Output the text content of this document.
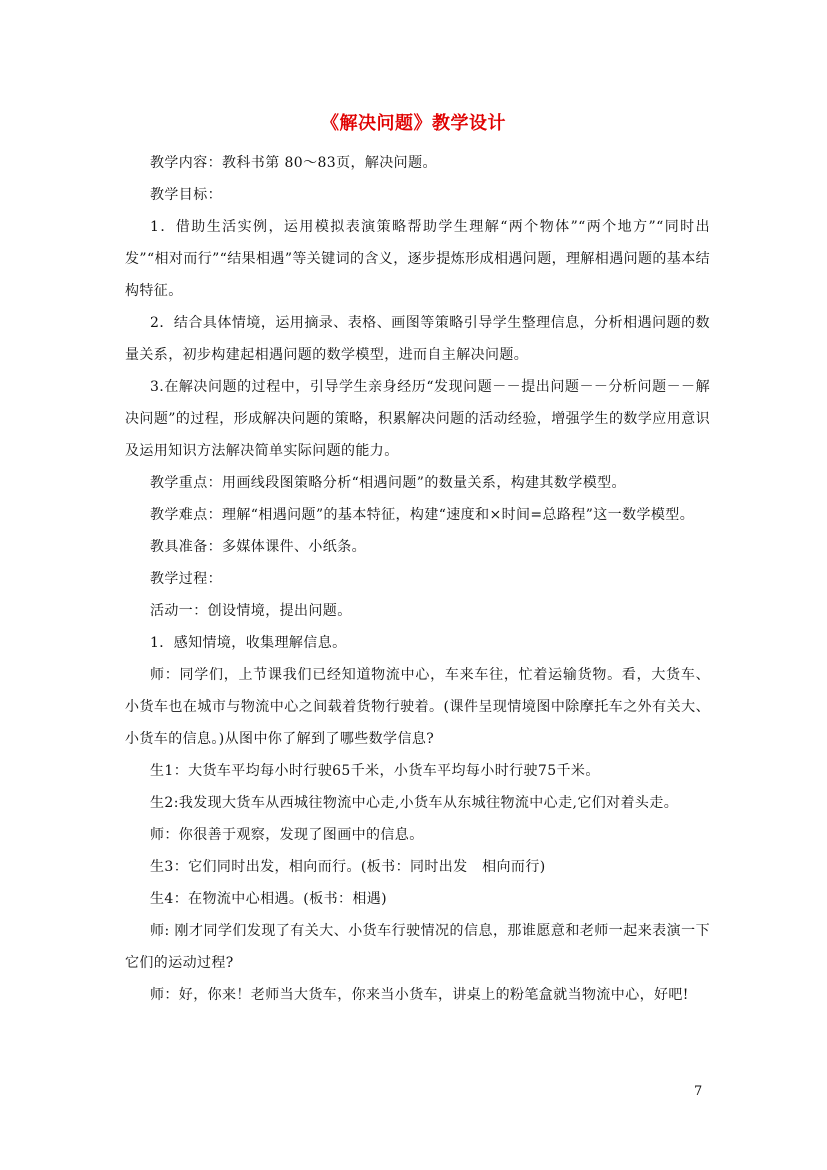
《解决问题》教学设计

教学内容：教科书第 80～83页，解决问题。

教学目标：

1．借助生活实例，运用模拟表演策略帮助学生理解“两个物体”“两个地方”“同时出发”“相对而行”“结果相遇”等关键词的含义，逐步提炼形成相遇问题，理解相遇问题的基本结构特征。

2．结合具体情境，运用摘录、表格、画图等策略引导学生整理信息，分析相遇问题的数量关系，初步构建起相遇问题的数学模型，进而自主解决问题。

3.在解决问题的过程中，引导学生亲身经历“发现问题－－提出问题－－分析问题－－解决问题”的过程，形成解决问题的策略，积累解决问题的活动经验，增强学生的数学应用意识及运用知识方法解决简单实际问题的能力。

教学重点：用画线段图策略分析“相遇问题”的数量关系，构建其数学模型。

教学难点：理解“相遇问题”的基本特征，构建“速度和×时间=总路程”这一数学模型。

教具准备：多媒体课件、小纸条。

教学过程：

活动一：创设情境，提出问题。

1．感知情境，收集理解信息。

师：同学们，上节课我们已经知道物流中心，车来车往，忙着运输货物。看，大货车、小货车也在城市与物流中心之间载着货物行驶着。(课件呈现情境图中除摩托车之外有关大、小货车的信息。)从图中你了解到了哪些数学信息?

生1：大货车平均每小时行驶65千米，小货车平均每小时行驶75千米。

生2:我发现大货车从西城往物流中心走,小货车从东城往物流中心走,它们对着头走。

师：你很善于观察，发现了图画中的信息。

生3：它们同时出发，相向而行。(板书：同时出发   相向而行)

生4：在物流中心相遇。(板书：相遇)

师: 刚才同学们发现了有关大、小货车行驶情况的信息，那谁愿意和老师一起来表演一下它们的运动过程?

师：好，你来！老师当大货车，你来当小货车，讲桌上的粉笔盒就当物流中心，好吧!

7
